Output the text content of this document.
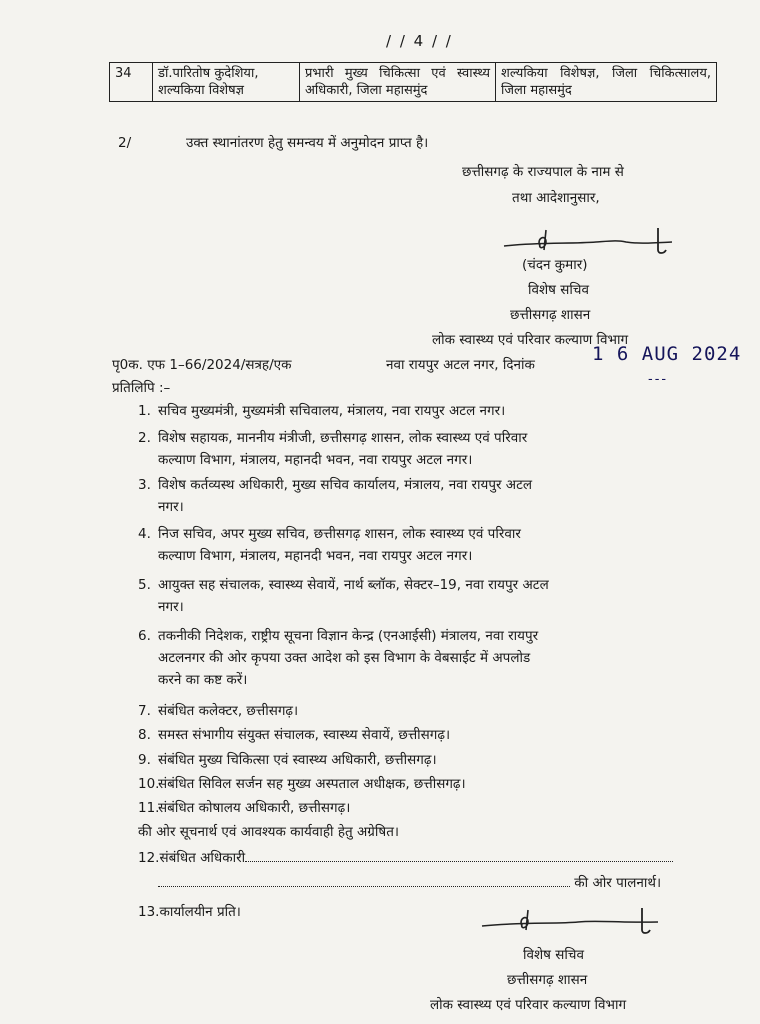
/ / 4 / /
34	डॉ.पारितोष कुदेशिया, शल्यकिया विशेषज्ञ	प्रभारी मुख्य चिकित्सा एवं स्वास्थ्य अधिकारी, जिला महासमुंद	शल्यकिया विशेषज्ञ, जिला चिकित्सालय, जिला महासमुंद
2/	उक्त स्थानांतरण हेतु समन्वय में अनुमोदन प्राप्त है।
छत्तीसगढ़ के राज्यपाल के नाम से
तथा आदेशानुसार,
(चंदन कुमार)
विशेष सचिव
छत्तीसगढ़ शासन
लोक स्वास्थ्य एवं परिवार कल्याण विभाग
पृ0क. एफ 1–66/2024/सत्रह/एक	नवा रायपुर अटल नगर, दिनांक	1 6 AUG 2024
---
प्रतिलिपि :–
1. सचिव मुख्यमंत्री, मुख्यमंत्री सचिवालय, मंत्रालय, नवा रायपुर अटल नगर।
2. विशेष सहायक, माननीय मंत्रीजी, छत्तीसगढ़ शासन, लोक स्वास्थ्य एवं परिवार
कल्याण विभाग, मंत्रालय, महानदी भवन, नवा रायपुर अटल नगर।
3. विशेष कर्तव्यस्थ अधिकारी, मुख्य सचिव कार्यालय, मंत्रालय, नवा रायपुर अटल
नगर।
4. निज सचिव, अपर मुख्य सचिव, छत्तीसगढ़ शासन, लोक स्वास्थ्य एवं परिवार
कल्याण विभाग, मंत्रालय, महानदी भवन, नवा रायपुर अटल नगर।
5. आयुक्त सह संचालक, स्वास्थ्य सेवायें, नार्थ ब्लॉक, सेक्टर–19, नवा रायपुर अटल
नगर।
6. तकनीकी निदेशक, राष्ट्रीय सूचना विज्ञान केन्द्र (एनआईसी) मंत्रालय, नवा रायपुर
अटलनगर की ओर कृपया उक्त आदेश को इस विभाग के वेबसाईट में अपलोड
करने का कष्ट करें।
7. संबंधित कलेक्टर, छत्तीसगढ़।
8. समस्त संभागीय संयुक्त संचालक, स्वास्थ्य सेवायें, छत्तीसगढ़।
9. संबंधित मुख्य चिकित्सा एवं स्वास्थ्य अधिकारी, छत्तीसगढ़।
10.संबंधित सिविल सर्जन सह मुख्य अस्पताल अधीक्षक, छत्तीसगढ़।
11.संबंधित कोषालय अधिकारी, छत्तीसगढ़।
की ओर सूचनार्थ एवं आवश्यक कार्यवाही हेतु अग्रेषित।
12.संबंधित अधिकारी
की ओर पालनार्थ।
13.कार्यालयीन प्रति।
विशेष सचिव
छत्तीसगढ़ शासन
लोक स्वास्थ्य एवं परिवार कल्याण विभाग
